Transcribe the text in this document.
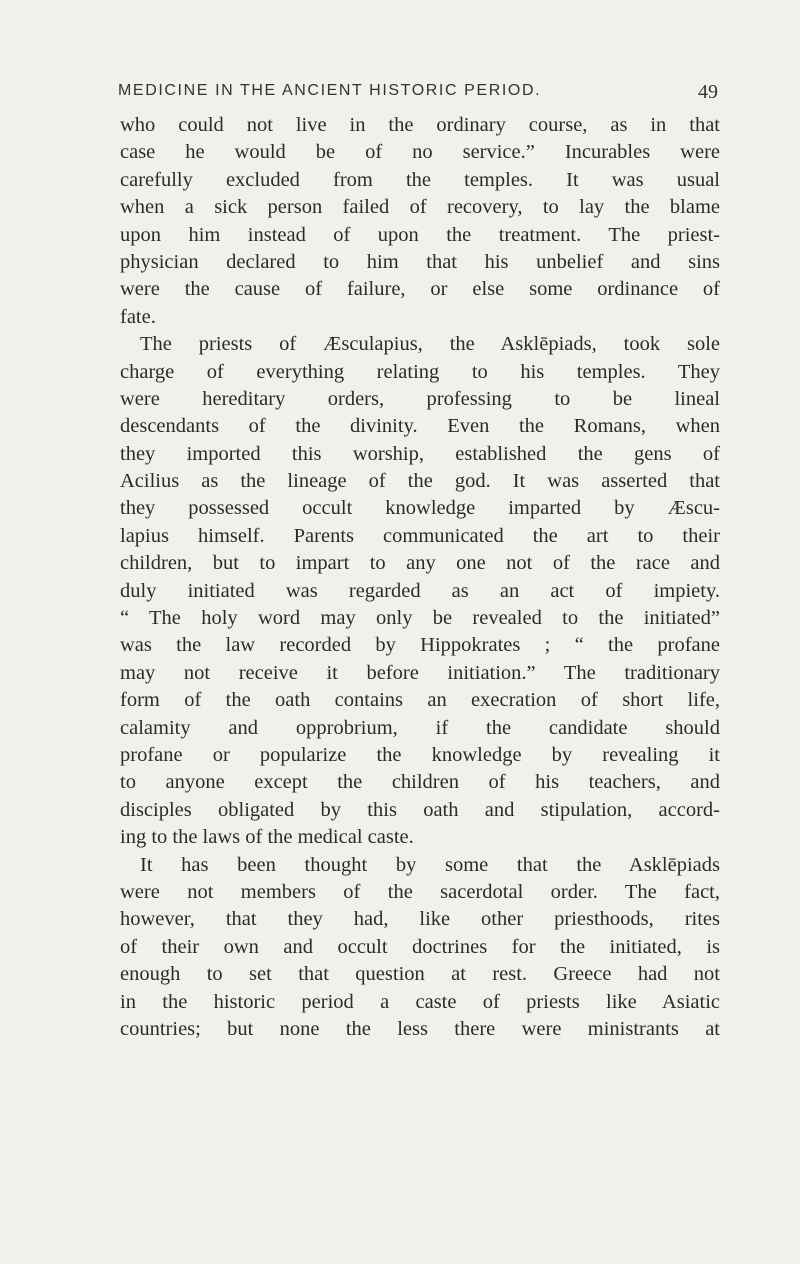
MEDICINE IN THE ANCIENT HISTORIC PERIOD.	49
who could not live in the ordinary course, as in that
case he would be of no service.” Incurables were
carefully excluded from the temples. It was usual
when a sick person failed of recovery, to lay the blame
upon him instead of upon the treatment. The priest-
physician declared to him that his unbelief and sins
were the cause of failure, or else some ordinance of
fate.
The priests of Æsculapius, the Asklēpiads, took sole
charge of everything relating to his temples. They
were hereditary orders, professing to be lineal
descendants of the divinity. Even the Romans, when
they imported this worship, established the gens of
Acilius as the lineage of the god. It was asserted that
they possessed occult knowledge imparted by Æscu-
lapius himself. Parents communicated the art to their
children, but to impart to any one not of the race and
duly initiated was regarded as an act of impiety.
“ The holy word may only be revealed to the initiated”
was the law recorded by Hippokrates ; “ the profane
may not receive it before initiation.” The traditionary
form of the oath contains an execration of short life,
calamity and opprobrium, if the candidate should
profane or popularize the knowledge by revealing it
to anyone except the children of his teachers, and
disciples obligated by this oath and stipulation, accord-
ing to the laws of the medical caste.
It has been thought by some that the Asklēpiads
were not members of the sacerdotal order. The fact,
however, that they had, like other priesthoods, rites
of their own and occult doctrines for the initiated, is
enough to set that question at rest. Greece had not
in the historic period a caste of priests like Asiatic
countries; but none the less there were ministrants at
